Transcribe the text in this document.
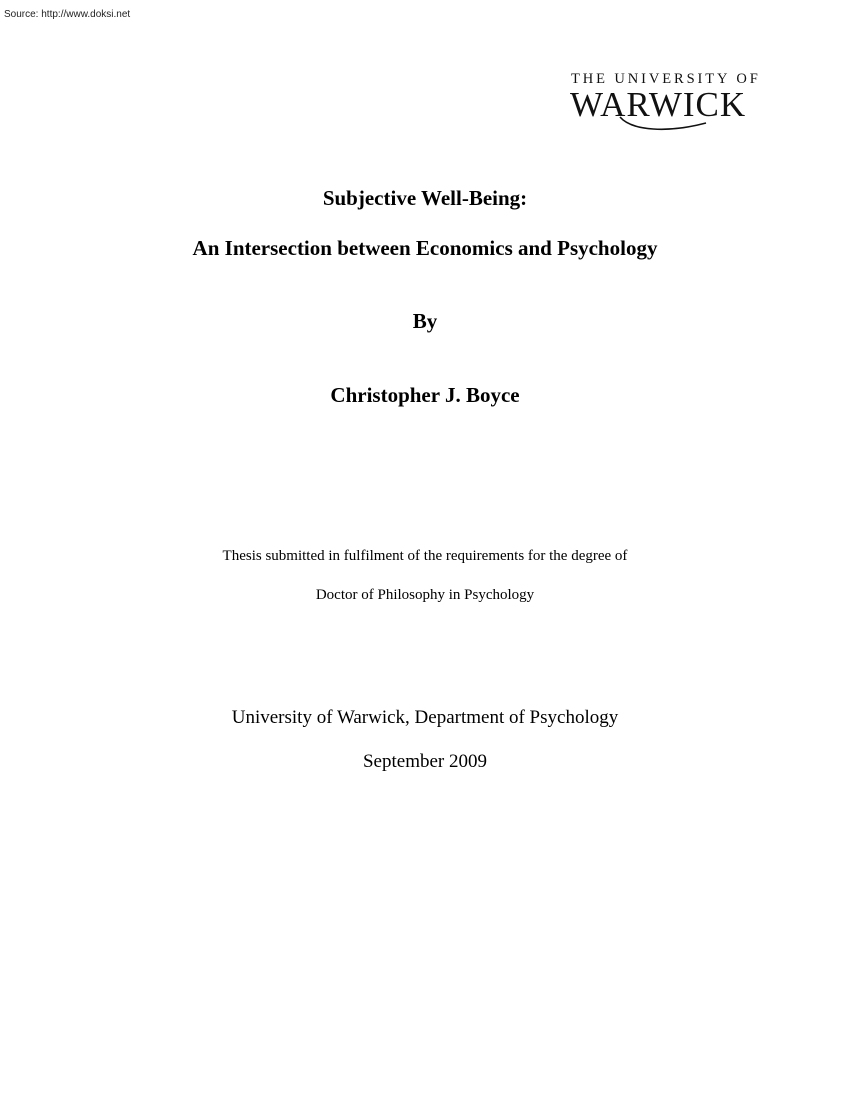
Source: http://www.doksi.net
THE UNIVERSITY OF
WARWICK
Subjective Well-Being:
An Intersection between Economics and Psychology
By
Christopher J. Boyce
Thesis submitted in fulfilment of the requirements for the degree of
Doctor of Philosophy in Psychology
University of Warwick, Department of Psychology
September 2009
